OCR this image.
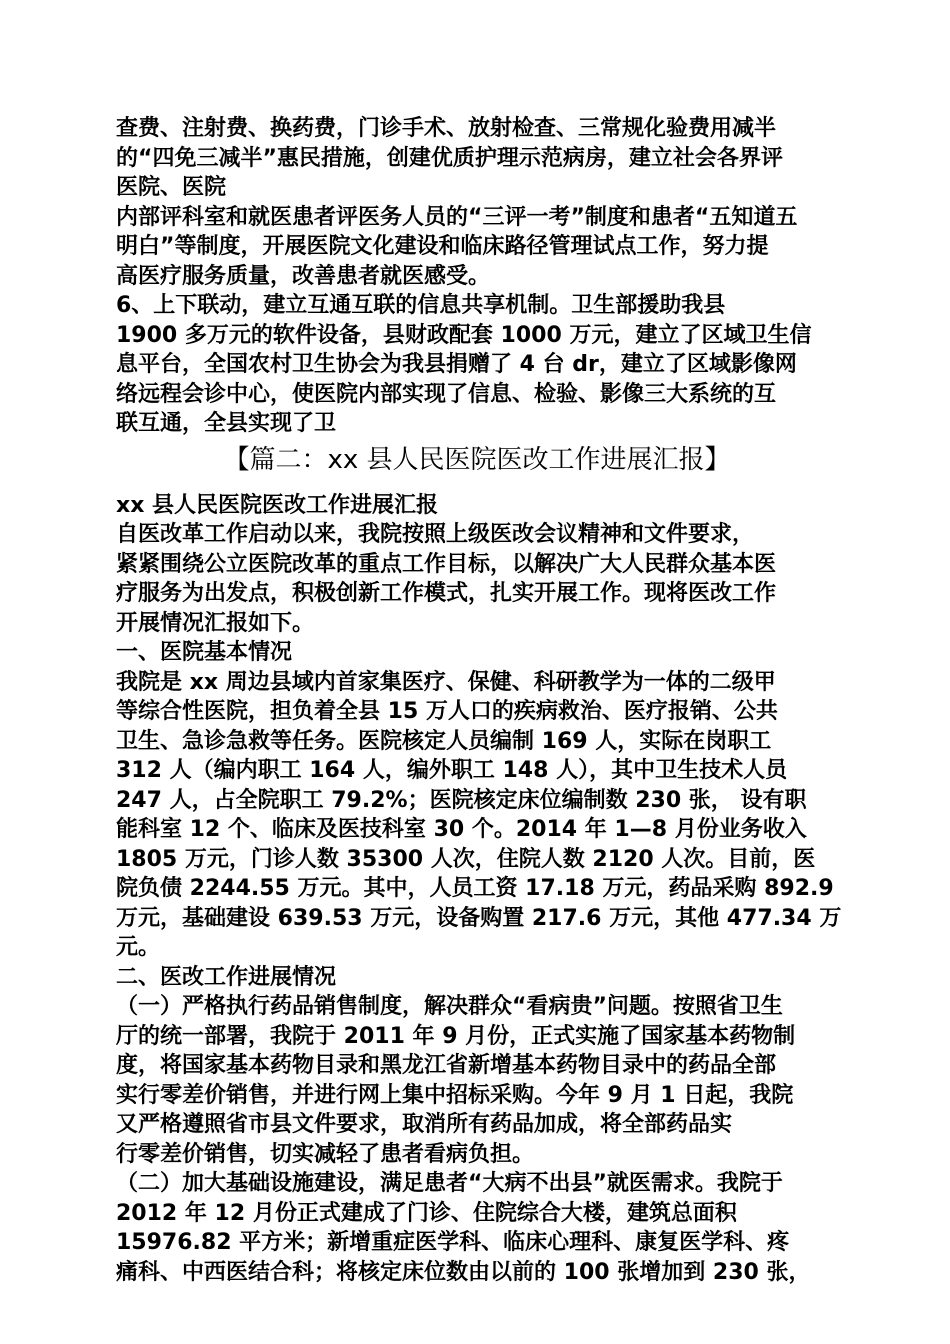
查费、注射费、换药费，门诊手术、放射检查、三常规化验费用减半
的“四免三减半”惠民措施，创建优质护理示范病房，建立社会各界评
医院、医院
内部评科室和就医患者评医务人员的“三评一考”制度和患者“五知道五
明白”等制度，开展医院文化建设和临床路径管理试点工作，努力提
高医疗服务质量，改善患者就医感受。
6、上下联动，建立互通互联的信息共享机制。卫生部援助我县
1900 多万元的软件设备，县财政配套 1000 万元，建立了区域卫生信
息平台，全国农村卫生协会为我县捐赠了 4 台 dr，建立了区域影像网
络远程会诊中心，使医院内部实现了信息、检验、影像三大系统的互
联互通，全县实现了卫
【篇二：xx 县人民医院医改工作进展汇报】
xx 县人民医院医改工作进展汇报
自医改革工作启动以来，我院按照上级医改会议精神和文件要求，
紧紧围绕公立医院改革的重点工作目标，以解决广大人民群众基本医
疗服务为出发点，积极创新工作模式，扎实开展工作。现将医改工作
开展情况汇报如下。
一、医院基本情况
我院是 xx 周边县域内首家集医疗、保健、科研教学为一体的二级甲
等综合性医院，担负着全县 15 万人口的疾病救治、医疗报销、公共
卫生、急诊急救等任务。医院核定人员编制 169 人，实际在岗职工
312 人（编内职工 164 人，编外职工 148 人），其中卫生技术人员
247 人，占全院职工 79.2%；医院核定床位编制数 230 张， 设有职
能科室 12 个、临床及医技科室 30 个。2014 年 1—8 月份业务收入
1805 万元，门诊人数 35300 人次，住院人数 2120 人次。目前，医
院负债 2244.55 万元。其中，人员工资 17.18 万元，药品采购 892.9
万元，基础建设 639.53 万元，设备购置 217.6 万元，其他 477.34 万
元。
二、医改工作进展情况
（一）严格执行药品销售制度，解决群众“看病贵”问题。按照省卫生
厅的统一部署，我院于 2011 年 9 月份，正式实施了国家基本药物制
度，将国家基本药物目录和黑龙江省新增基本药物目录中的药品全部
实行零差价销售，并进行网上集中招标采购。今年 9 月 1 日起，我院
又严格遵照省市县文件要求，取消所有药品加成，将全部药品实
行零差价销售，切实减轻了患者看病负担。
（二）加大基础设施建设，满足患者“大病不出县”就医需求。我院于
2012 年 12 月份正式建成了门诊、住院综合大楼，建筑总面积
15976.82 平方米；新增重症医学科、临床心理科、康复医学科、疼
痛科、中西医结合科；将核定床位数由以前的 100 张增加到 230 张，
